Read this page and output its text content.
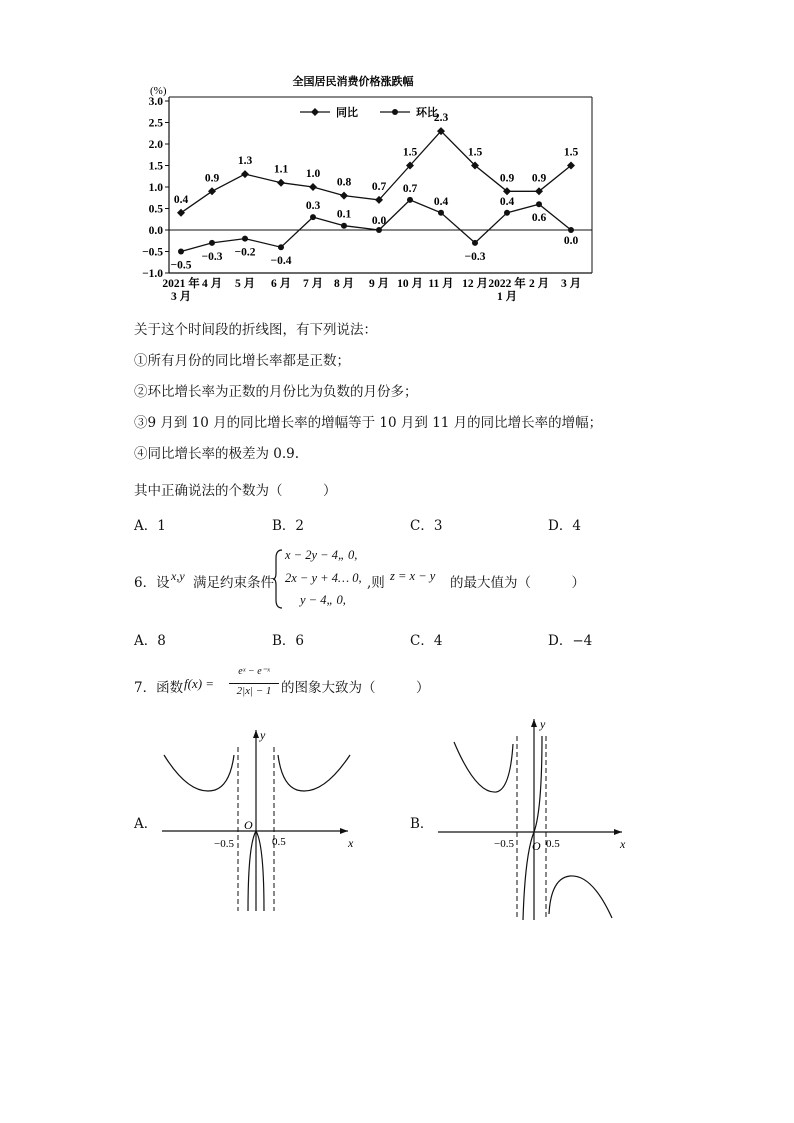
全国居民消费价格涨跌幅
(%)
3.0
2.5
2.0
1.5
1.0
0.5
0.0
−0.5
−1.0
2021 年
3 月
4 月 5 月 6 月 7 月 8 月 9 月 10 月 11 月 12 月 2022 年
1 月
2 月 3 月
同比	环比
0.4
0.9
1.3
1.1 1.0
0.8 0.7
1.5
2.3
1.5
0.9 0.9
1.5
−0.5
−0.3 −0.2
−0.4
0.3
0.1
0.0
0.7
0.4
−0.3
0.4
0.6
0.0
关于这个时间段的折线图，有下列说法：
①所有月份的同比增长率都是正数；
②环比增长率为正数的月份比为负数的月份多；
③9 月到 10 月的同比增长率的增幅等于 10 月到 11 月的同比增长率的增幅；
④同比增长率的极差为 0.9.
其中正确说法的个数为（　　　）
A．1	B．2	C．3	D．4
6．设 x,y 满足约束条件
x − 2y − 4„ 0,
2x − y + 4… 0,
y − 4„ 0,
,则 z = x − y 的最大值为（　　　）
A．8	B．6	C．4	D．−4
7．函数 f(x) =
eˣ − e⁻ˣ
2|x| − 1 的图象大致为（　　　）
A．
y
x
O
−0.5	0.5
B．
y
x
O
−0.5	0.5
